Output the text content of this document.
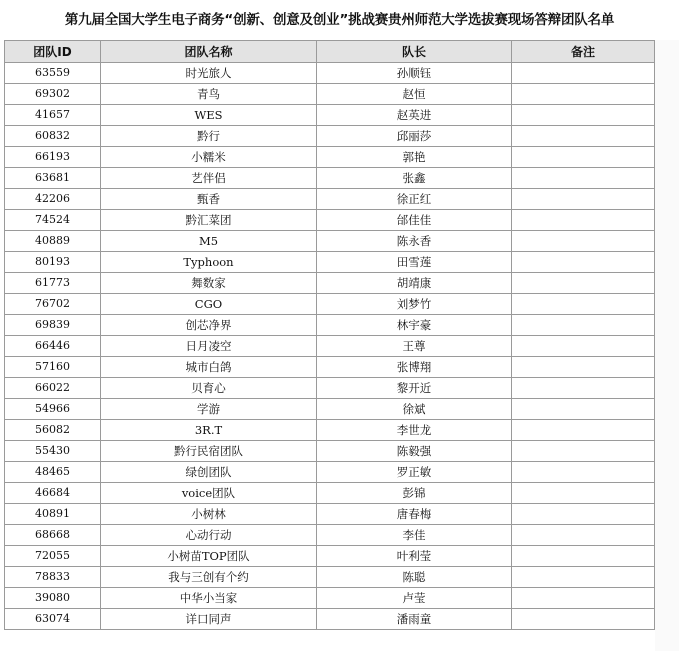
第九届全国大学生电子商务“创新、创意及创业”挑战赛贵州师范大学选拔赛现场答辩团队名单
团队ID	团队名称	队长	备注
63559	时光旅人	孙顺钰	
69302	青鸟	赵恒	
41657	WES	赵英进	
60832	黔行	邱丽莎	
66193	小糯米	郭艳	
63681	艺伴侣	张鑫	
42206	甄香	徐正红	
74524	黔汇菜团	邰佳佳	
40889	M5	陈永香	
80193	Typhoon	田雪莲	
61773	舞数家	胡靖康	
76702	CGO	刘梦竹	
69839	创芯净界	林宇豪	
66446	日月凌空	王尊	
57160	城市白鸽	张博翔	
66022	贝育心	黎开近	
54966	学游	徐斌	
56082	3R.T	李世龙	
55430	黔行民宿团队	陈毅强	
48465	绿创团队	罗正敏	
46684	voice团队	彭锦	
40891	小树林	唐春梅	
68668	心动行动	李佳	
72055	小树苗TOP团队	叶利莹	
78833	我与三创有个约	陈聪	
39080	中华小当家	卢莹	
63074	详口同声	潘雨童	
